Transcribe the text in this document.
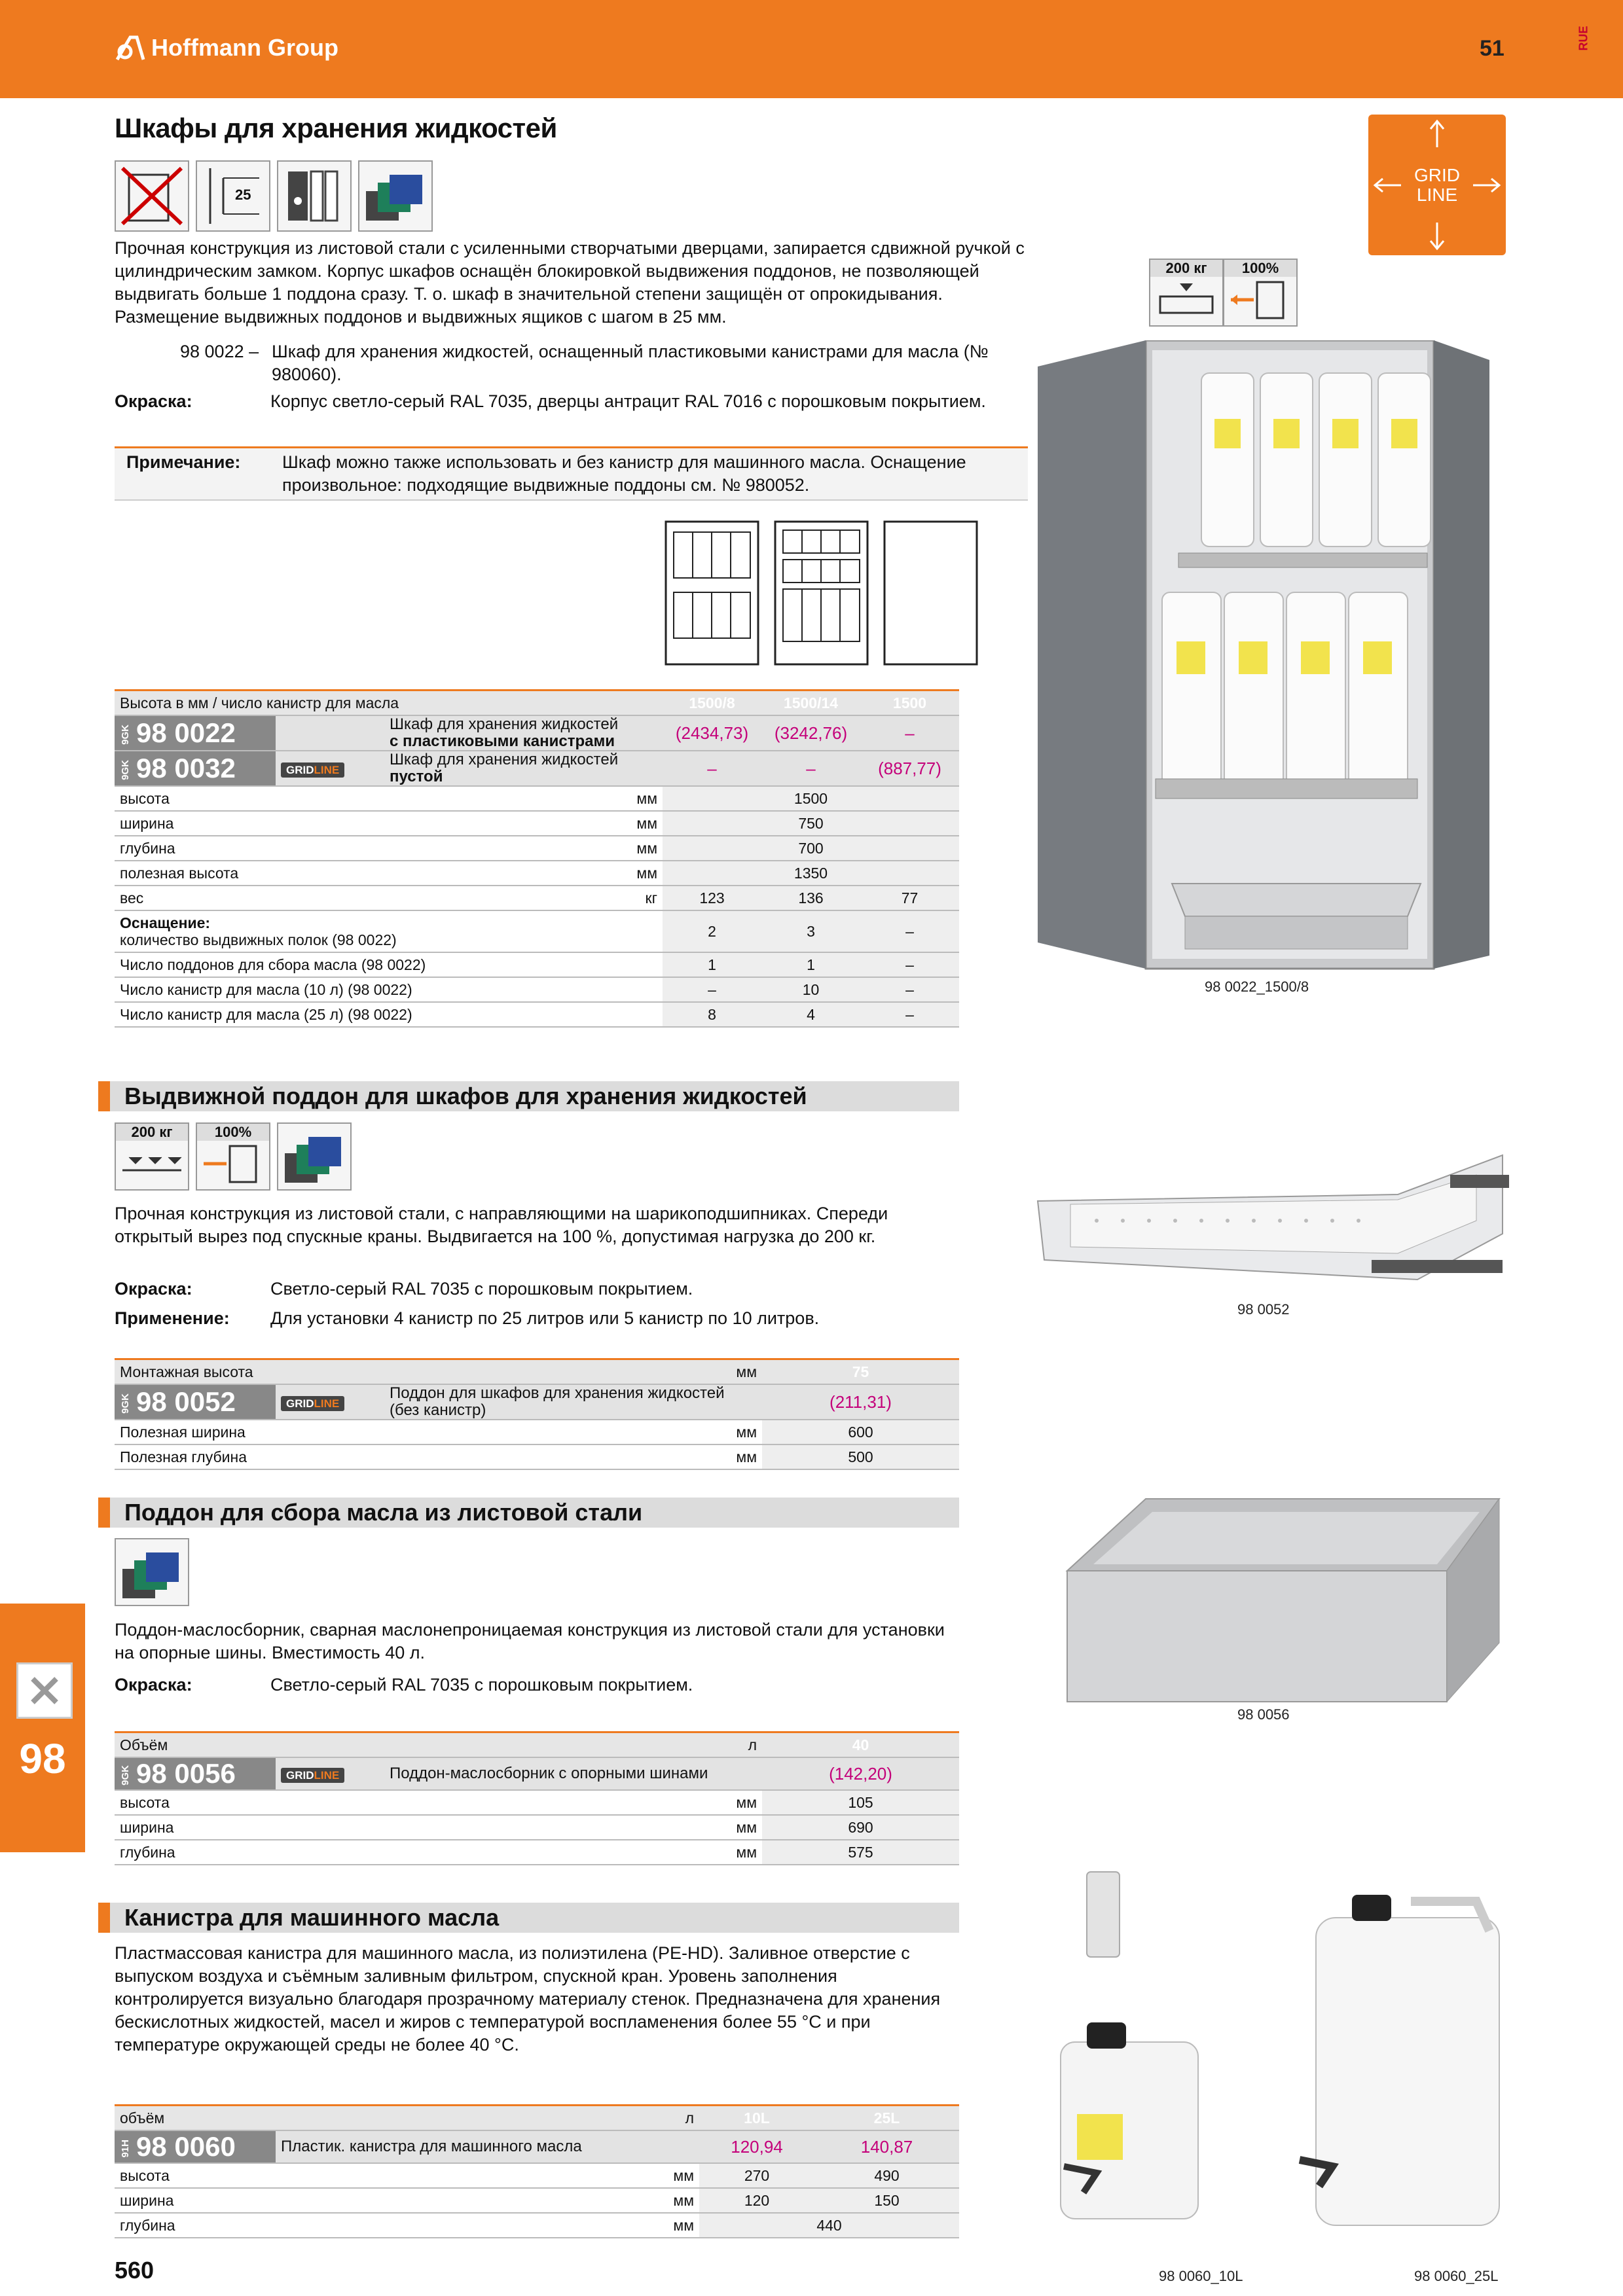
Hoffmann Group	51	RUE
GRID
LINE
Шкафы для хранения жидкостей
25
Прочная конструкция из листовой стали с усиленными створчатыми дверцами, запирается сдвижной ручкой с цилиндрическим замком. Корпус шкафов оснащён блокировкой выдвижения поддонов, не позволяющей выдвигать больше 1 поддона сразу. Т. о. шкаф в значительной степени защищён от опрокидывания. Размещение выдвижных поддонов и выдвижных ящиков с шагом в 25 мм.
98 0022 – Шкаф для хранения жидкостей, оснащенный пластиковыми канистрами для масла (№ 980060).
Окраска:	Корпус светло-серый RAL 7035, дверцы антрацит RAL 7016 с порошковым покрытием.
Примечание:	Шкаф можно также использовать и без канистр для машинного масла. Оснащение произвольное: подходящие выдвижные поддоны см. № 980052.
200 кг	100%
98 0022_1500/8
Высота в мм / число канистр для масла			1500/8	1500/14	1500
9GK 98 0022		Шкаф для хранения жидкостей
с пластиковыми канистрами	(2434,73)	(3242,76)	–
9GK 98 0032	GRIDLINE	Шкаф для хранения жидкостей
пустой	–	–	(887,77)
высота		мм	1500		
ширина		мм	750		
глубина		мм	700		
полезная высота		мм	1350		
вес		кг	123	136	77
Оснащение:
количество выдвижных полок (98 0022)			2	3	–
Число поддонов для сбора масла (98 0022)			1	1	–
Число канистр для масла (10 л) (98 0022)			–	10	–
Число канистр для масла (25 л) (98 0022)			8	4	–
Выдвижной поддон для шкафов для хранения жидкостей
200 кг	100%
Прочная конструкция из листовой стали, с направляющими на шарикоподшипниках. Спереди открытый вырез под спускные краны. Выдвигается на 100 %, допустимая нагрузка до 200 кг.
Окраска:	Светло-серый RAL 7035 с порошковым покрытием.
Применение:	Для установки 4 канистр по 25 литров или 5 канистр по 10 литров.	98 0052
Монтажная высота		мм	75
9GK 98 0052	GRIDLINE	Поддон для шкафов для хранения жидкостей
(без канистр)	(211,31)
Полезная ширина		мм	600
Полезная глубина		мм	500
Поддон для сбора масла из листовой стали
Поддон-маслосборник, сварная маслонепроницаемая конструкция из листовой стали для установки на опорные шины. Вместимость 40 л.
Окраска:	Светло-серый RAL 7035 с порошковым покрытием.
98 0056
Объём		л	40
9GK 98 0056	GRIDLINE	Поддон-маслосборник с опорными шинами	(142,20)
высота		мм	105
ширина		мм	690
глубина		мм	575
Канистра для машинного масла
Пластмассовая канистра для машинного масла, из полиэтилена (PE-HD). Заливное отверстие с выпуском воздуха и съёмным заливным фильтром, спускной кран. Уровень заполнения контролируется визуально благодаря прозрачному материалу стенок. Предназначена для хранения бескислотных жидкостей, масел и жиров с температурой воспламенения более 55 °C и при температуре окружающей среды не более 40 °C.
98 0060_10L	98 0060_25L
объём	л	10L	25L
91H 98 0060	Пластик. канистра для машинного масла	120,94	140,87
высота	мм	270	490
ширина	мм	120	150
глубина	мм	440	
98
560
